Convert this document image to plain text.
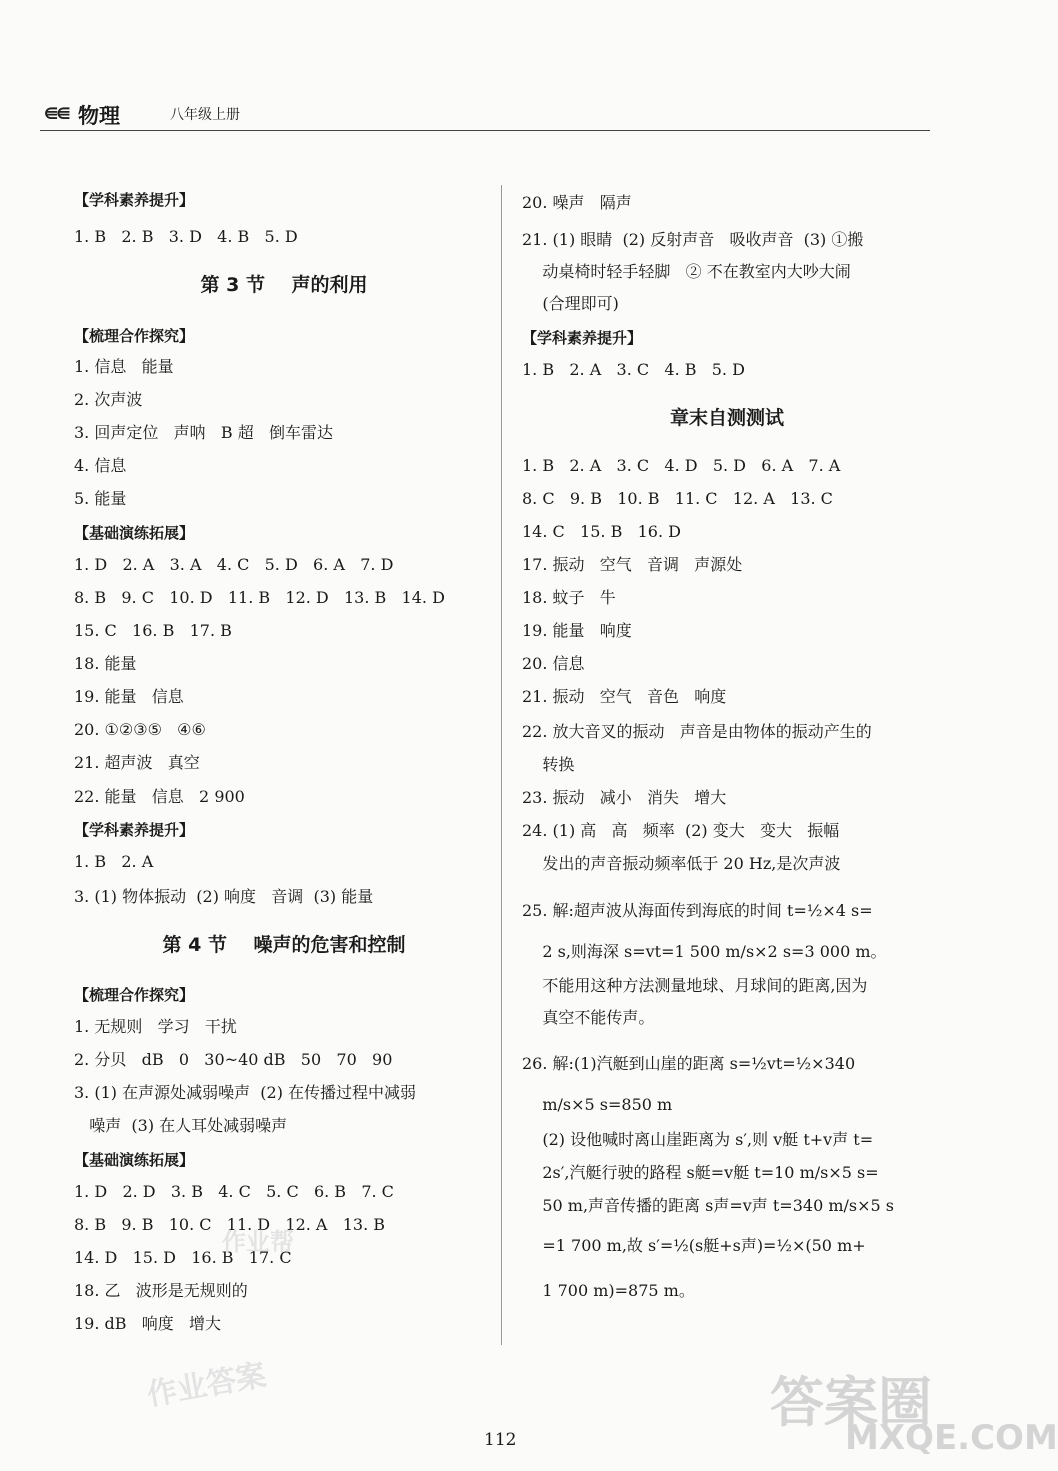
⋹⋹ 物理	八年级上册
【学科素养提升】
1. B   2. B   3. D   4. B   5. D
第 3 节    声的利用
【梳理合作探究】
1. 信息   能量
2. 次声波
3. 回声定位   声呐   B 超   倒车雷达
4. 信息
5. 能量
【基础演练拓展】
1. D   2. A   3. A   4. C   5. D   6. A   7. D
8. B   9. C   10. D   11. B   12. D   13. B   14. D
15. C   16. B   17. B
18. 能量
19. 能量   信息
20. ①②③⑤   ④⑥
21. 超声波   真空
22. 能量   信息   2 900
【学科素养提升】
1. B   2. A
3. (1) 物体振动  (2) 响度   音调  (3) 能量
第 4 节    噪声的危害和控制
【梳理合作探究】
1. 无规则   学习   干扰
2. 分贝   dB   0   30~40 dB   50   70   90
3. (1) 在声源处减弱噪声  (2) 在传播过程中减弱
噪声  (3) 在人耳处减弱噪声
【基础演练拓展】
1. D   2. D   3. B   4. C   5. C   6. B   7. C
8. B   9. B   10. C   11. D   12. A   13. B
14. D   15. D   16. B   17. C
18. 乙   波形是无规则的
19. dB   响度   增大
20. 噪声   隔声
21. (1) 眼睛  (2) 反射声音   吸收声音  (3) ①搬
动桌椅时轻手轻脚   ② 不在教室内大吵大闹
(合理即可)
【学科素养提升】
1. B   2. A   3. C   4. B   5. D
章末自测测试
1. B   2. A   3. C   4. D   5. D   6. A   7. A
8. C   9. B   10. B   11. C   12. A   13. C
14. C   15. B   16. D
17. 振动   空气   音调   声源处
18. 蚊子   牛
19. 能量   响度
20. 信息
21. 振动   空气   音色   响度
22. 放大音叉的振动   声音是由物体的振动产生的
转换
23. 振动   减小   消失   增大
24. (1) 高   高   频率  (2) 变大   变大   振幅
发出的声音振动频率低于 20 Hz,是次声波
25. 解:超声波从海面传到海底的时间 t=½×4 s=
2 s,则海深 s=vt=1 500 m/s×2 s=3 000 m。
不能用这种方法测量地球、月球间的距离,因为
真空不能传声。
26. 解:(1)汽艇到山崖的距离 s=½vt=½×340
m/s×5 s=850 m
(2) 设他喊时离山崖距离为 s′,则 v艇 t+v声 t=
2s′,汽艇行驶的路程 s艇=v艇 t=10 m/s×5 s=
50 m,声音传播的距离 s声=v声 t=340 m/s×5 s
=1 700 m,故 s′=½(s艇+s声)=½×(50 m+
1 700 m)=875 m。
112
答案圈
MXQE.COM
作业答案
作业帮
